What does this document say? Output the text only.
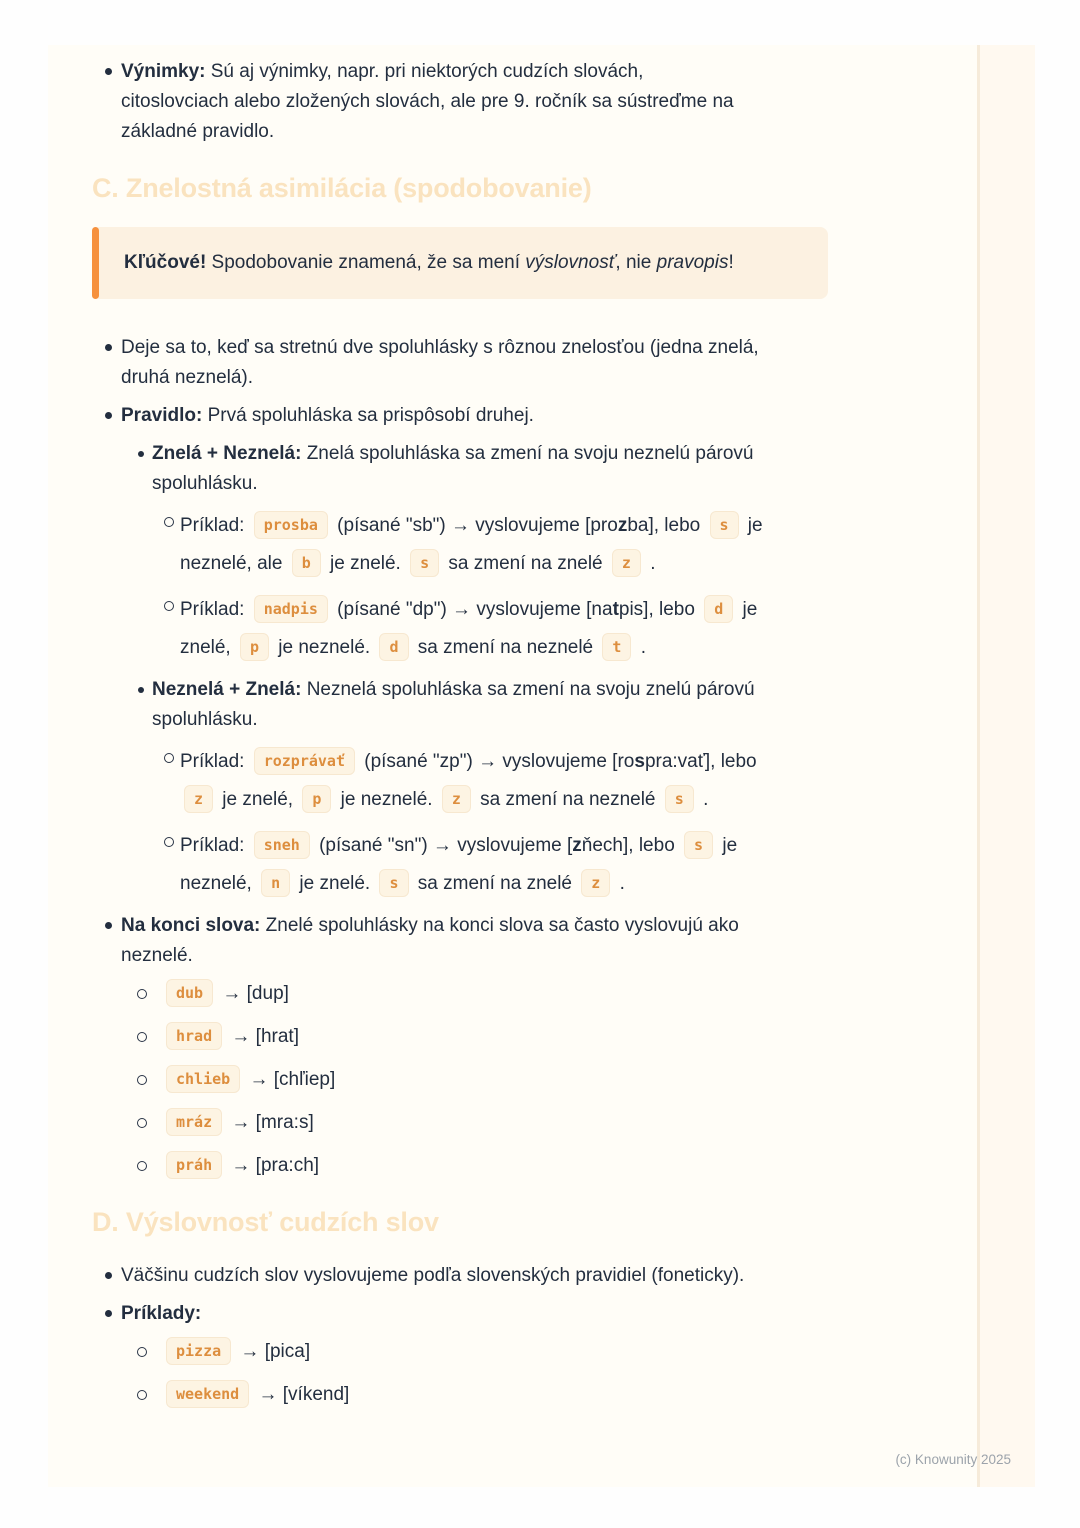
Výnimky: Sú aj výnimky, napr. pri niektorých cudzích slovách,
citoslovciach alebo zložených slovách, ale pre 9. ročník sa sústreďme na
základné pravidlo.
C. Znelostná asimilácia (spodobovanie)
Kľúčové! Spodobovanie znamená, že sa mení výslovnosť, nie pravopis!
Deje sa to, keď sa stretnú dve spoluhlásky s rôznou znelosťou (jedna znelá,
druhá neznelá).
Pravidlo: Prvá spoluhláska sa prispôsobí druhej.
Znelá + Neznelá: Znelá spoluhláska sa zmení na svoju neznelú párovú
spoluhlásku.
Príklad: prosba (písané "sb") → vyslovujeme [prozba], lebo s je
neznelé, ale b je znelé. s sa zmení na znelé z .
Príklad: nadpis (písané "dp") → vyslovujeme [natpis], lebo d je
znelé, p je neznelé. d sa zmení na neznelé t .
Neznelá + Znelá: Neznelá spoluhláska sa zmení na svoju znelú párovú
spoluhlásku.
Príklad: rozprávať (písané "zp") → vyslovujeme [rospra:vať], lebo
z je znelé, p je neznelé. z sa zmení na neznelé s .
Príklad: sneh (písané "sn") → vyslovujeme [zňech], lebo s je
neznelé, n je znelé. s sa zmení na znelé z .
Na konci slova: Znelé spoluhlásky na konci slova sa často vyslovujú ako
neznelé.
dub → [dup]
hrad → [hrat]
chlieb → [chľiep]
mráz → [mra:s]
práh → [pra:ch]
D. Výslovnosť cudzích slov
Väčšinu cudzích slov vyslovujeme podľa slovenských pravidiel (foneticky).
Príklady:
pizza → [pica]
weekend → [víkend]
(c) Knowunity 2025
